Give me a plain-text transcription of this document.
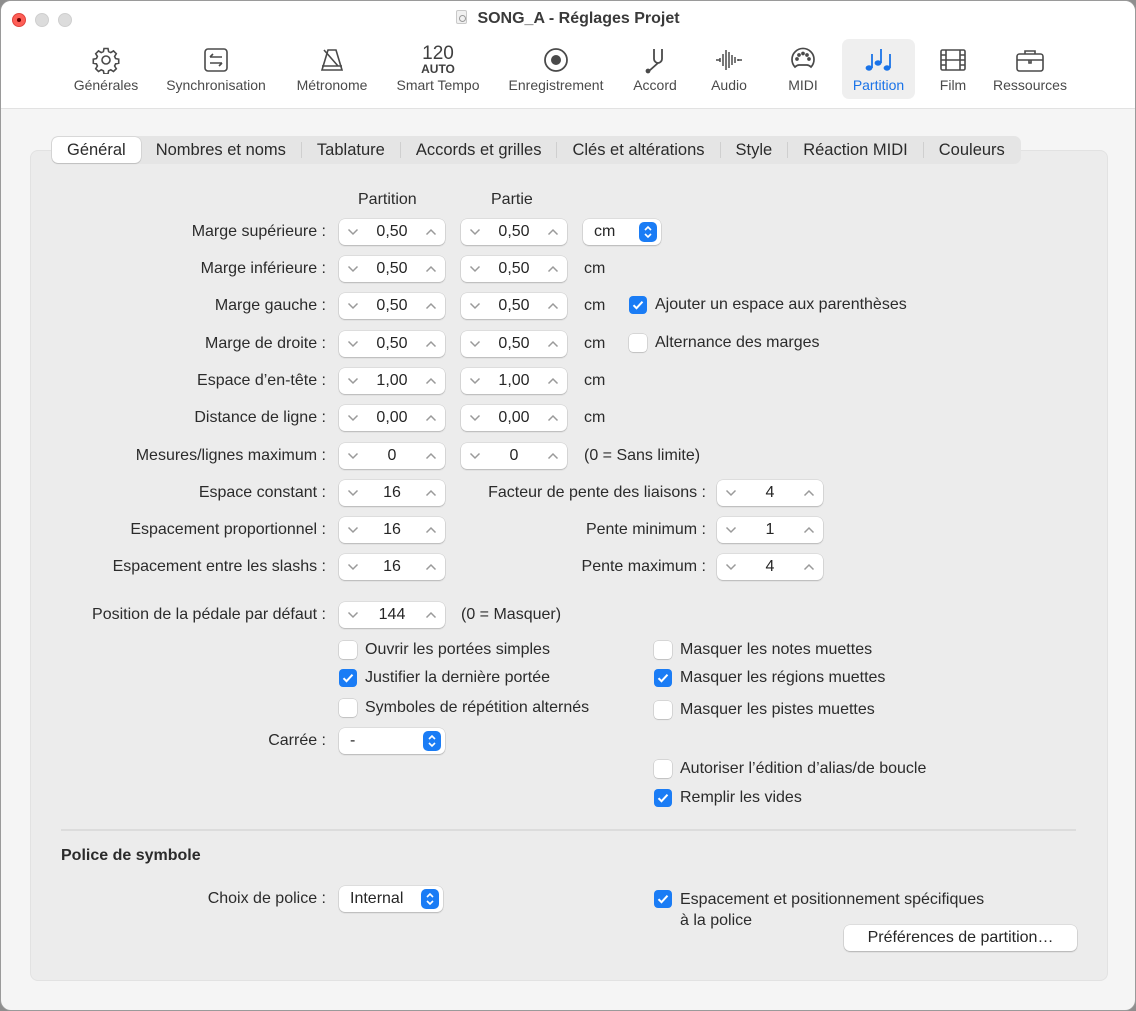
SONG_A - Réglages Projet
Générales Synchronisation Métronome
120
AUTO
Smart Tempo Enregistrement Accord Audio	MIDI	Partition	Film Ressources
Général Nombres et noms Tablature Accords et grilles Clés et altérations Style Réaction MIDI Couleurs
Partition	Partie
Marge supérieure :	0,50	0,50	cm
Marge inférieure :	0,50	0,50	cm
Marge gauche :	0,50	0,50	cm	Ajouter un espace aux parenthèses
Marge de droite :	0,50	0,50	cm	Alternance des marges
Espace d’en-tête :	1,00	1,00	cm
Distance de ligne :	0,00	0,00	cm
Mesures/lignes maximum :	0	0	(0 = Sans limite)
Espace constant :	16	Facteur de pente des liaisons :	4
Espacement proportionnel :	16	Pente minimum :	1
Espacement entre les slashs :	16	Pente maximum :	4
Position de la pédale par défaut :	144	(0 = Masquer)
Ouvrir les portées simples
Justifier la dernière portée
Symboles de répétition alternés
Carrée : -
Masquer les notes muettes
Masquer les régions muettes
Masquer les pistes muettes
Autoriser l’édition d’alias/de boucle
Remplir les vides
Police de symbole
Choix de police : Internal	Espacement et positionnement spécifiques
à la police
Préférences de partition…
